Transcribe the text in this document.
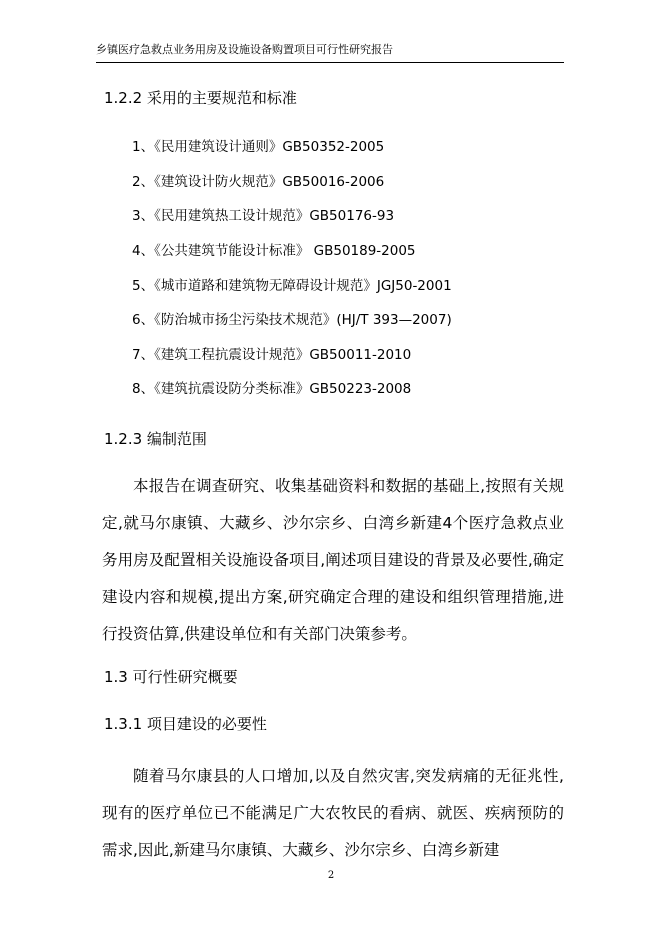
乡镇医疗急救点业务用房及设施设备购置项目可行性研究报告
1.2.2 采用的主要规范和标准
1、《民用建筑设计通则》GB50352-2005
2、《建筑设计防火规范》GB50016-2006
3、《民用建筑热工设计规范》GB50176-93
4、《公共建筑节能设计标准》 GB50189-2005
5、《城市道路和建筑物无障碍设计规范》JGJ50-2001
6、《防治城市扬尘污染技术规范》(HJ/T 393—2007)
7、《建筑工程抗震设计规范》GB50011-2010
8、《建筑抗震设防分类标准》GB50223-2008
1.2.3 编制范围
本报告在调查研究、收集基础资料和数据的基础上,按照有关规定,就马尔康镇、大藏乡、沙尔宗乡、白湾乡新建4个医疗急救点业务用房及配置相关设施设备项目,阐述项目建设的背景及必要性,确定建设内容和规模,提出方案,研究确定合理的建设和组织管理措施,进行投资估算,供建设单位和有关部门决策参考。
1.3 可行性研究概要
1.3.1 项目建设的必要性
随着马尔康县的人口增加,以及自然灾害,突发病痛的无征兆性,现有的医疗单位已不能满足广大农牧民的看病、就医、疾病预防的需求,因此,新建马尔康镇、大藏乡、沙尔宗乡、白湾乡新建
2
